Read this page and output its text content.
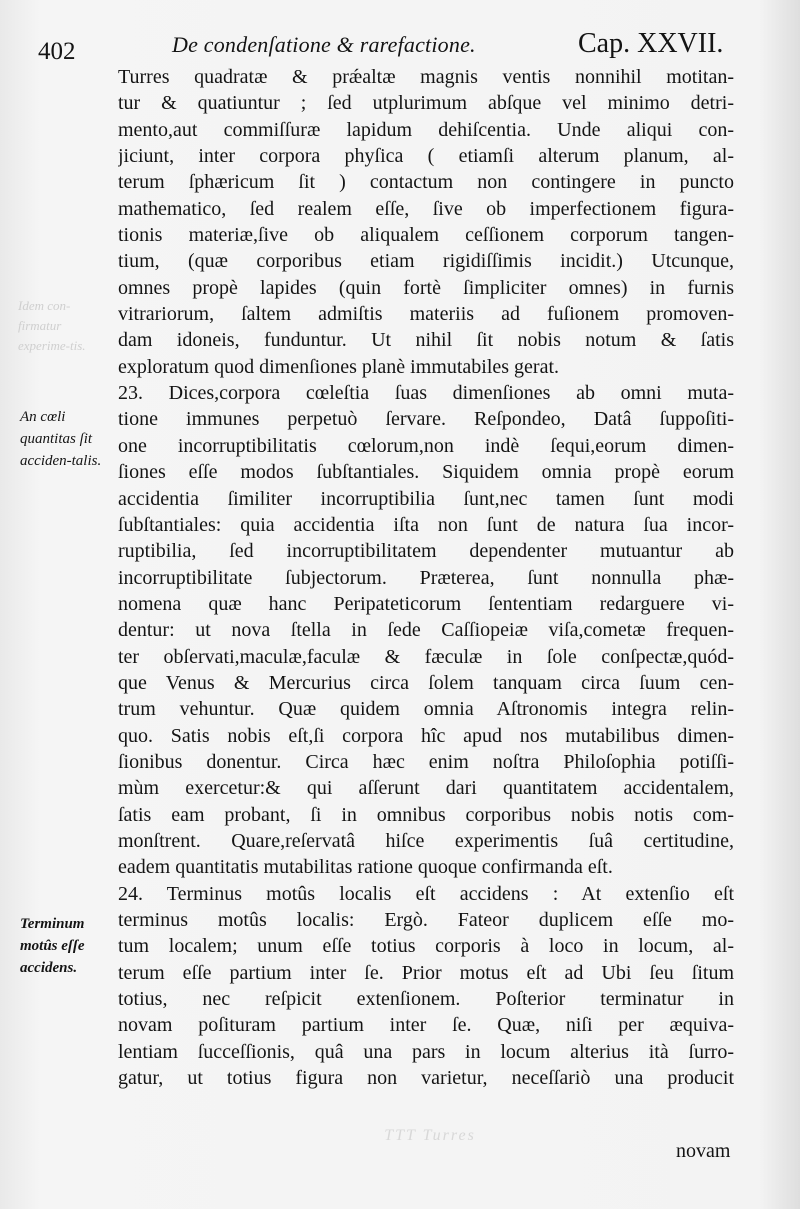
402	De condenſatione & rarefactione.	Cap. XXVII.
Idem con-firmatur experime-tis.
TTT Turres
An cœli quantitas ſit acciden-talis.
Terminum motûs eſſe accidens.
Turres quadratæ & prǽaltæ magnis ventis nonnihil motitan-
tur & quatiuntur ; ſed utplurimum abſque vel minimo detri-
mento,aut commiſſuræ lapidum dehiſcentia. Unde aliqui con-
jiciunt, inter corpora phyſica ( etiamſi alterum planum, al-
terum ſphæricum ſit ) contactum non contingere in puncto
mathematico, ſed realem eſſe, ſive ob imperfectionem figura-
tionis materiæ,ſive ob aliqualem ceſſionem corporum tangen-
tium, (quæ corporibus etiam rigidiſſimis incidit.) Utcunque,
omnes propè lapides (quin fortè ſimpliciter omnes) in furnis
vitrariorum, ſaltem admiſtis materiis ad fuſionem promoven-
dam idoneis, funduntur. Ut nihil ſit nobis notum & ſatis
exploratum quod dimenſiones planè immutabiles gerat.
23. Dices,corpora cœleſtia ſuas dimenſiones ab omni muta-
tione immunes perpetuò ſervare. Reſpondeo, Datâ ſuppoſiti-
one incorruptibilitatis cœlorum,non indè ſequi,eorum dimen-
ſiones eſſe modos ſubſtantiales. Siquidem omnia propè eorum
accidentia ſimiliter incorruptibilia ſunt,nec tamen ſunt modi
ſubſtantiales: quia accidentia iſta non ſunt de natura ſua incor-
ruptibilia, ſed incorruptibilitatem dependenter mutuantur ab
incorruptibilitate ſubjectorum. Præterea, ſunt nonnulla phæ-
nomena quæ hanc Peripateticorum ſententiam redarguere vi-
dentur: ut nova ſtella in ſede Caſſiopeiæ viſa,cometæ frequen-
ter obſervati,maculæ,faculæ & fæculæ in ſole conſpectæ,quód-
que Venus & Mercurius circa ſolem tanquam circa ſuum cen-
trum vehuntur. Quæ quidem omnia Aſtronomis integra relin-
quo. Satis nobis eſt,ſi corpora hîc apud nos mutabilibus dimen-
ſionibus donentur. Circa hæc enim noſtra Philoſophia potiſſi-
mùm exercetur:& qui aſſerunt dari quantitatem accidentalem,
ſatis eam probant, ſi in omnibus corporibus nobis notis com-
monſtrent. Quare,reſervatâ hiſce experimentis ſuâ certitudine,
eadem quantitatis mutabilitas ratione quoque confirmanda eſt.
24. Terminus motûs localis eſt accidens : At extenſio eſt
terminus motûs localis: Ergò. Fateor duplicem eſſe mo-
tum localem; unum eſſe totius corporis à loco in locum, al-
terum eſſe partium inter ſe. Prior motus eſt ad Ubi ſeu ſitum
totius, nec reſpicit extenſionem. Poſterior terminatur in
novam poſituram partium inter ſe. Quæ, niſi per æquiva-
lentiam ſucceſſionis, quâ una pars in locum alterius ità ſurro-
gatur, ut totius figura non varietur, neceſſariò una producit
novam
